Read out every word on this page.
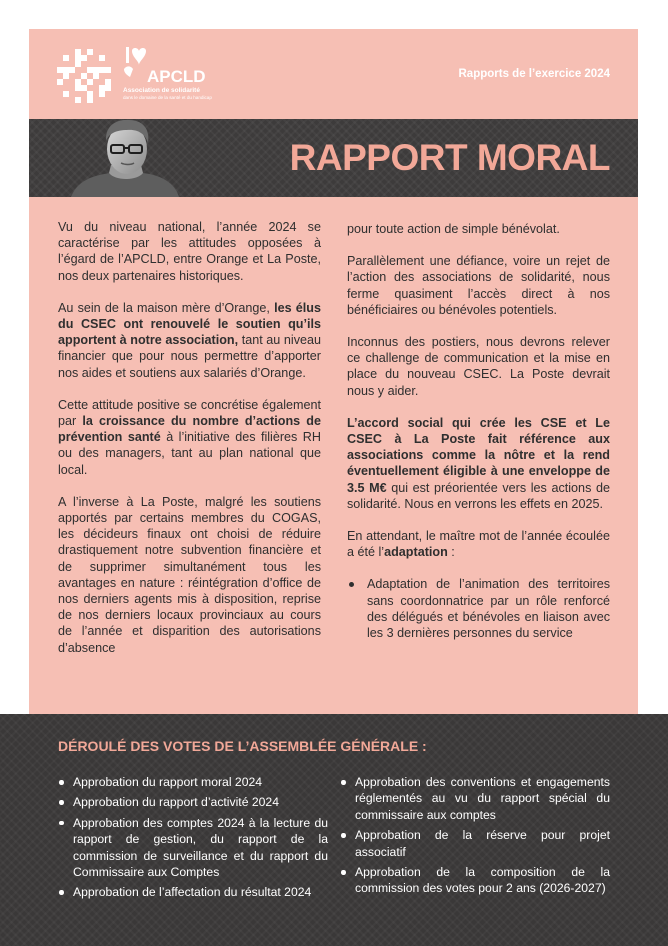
APCLD
Association de solidarité
dans le domaine de la santé et du handicap
Rapports de l’exercice 2024
RAPPORT MORAL

Vu du niveau national, l’année 2024 se caractérise par les attitudes opposées à l’égard de l’APCLD, entre Orange et La Poste, nos deux partenaires historiques.

Au sein de la maison mère d’Orange, les élus du CSEC ont renouvelé le soutien qu’ils apportent à notre association, tant au niveau financier que pour nous permettre d’apporter nos aides et soutiens aux salariés d’Orange.

Cette attitude positive se concrétise également par la croissance du nombre d’actions de prévention santé à l’initiative des filières RH ou des managers, tant au plan national que local.

A l’inverse à La Poste, malgré les soutiens apportés par certains membres du COGAS, les décideurs finaux ont choisi de réduire drastiquement notre subvention financière et de supprimer simultanément tous les avantages en nature : réintégration d’office de nos derniers agents mis à disposition, reprise de nos derniers locaux provinciaux au cours de l’année et disparition des autorisations d’absence

pour toute action de simple bénévolat.

Parallèlement une défiance, voire un rejet de l’action des associations de solidarité, nous ferme quasiment l’accès direct à nos bénéficiaires ou bénévoles potentiels.

Inconnus des postiers, nous devrons relever ce challenge de communication et la mise en place du nouveau CSEC. La Poste devrait nous y aider.

L’accord social qui crée les CSE et Le CSEC à La Poste fait référence aux associations comme la nôtre et la rend éventuellement éligible à une enveloppe de 3.5 M€ qui est préorientée vers les actions de solidarité. Nous en verrons les effets en 2025.

En attendant, le maître mot de l’année écoulée a été l’adaptation :

Adaptation de l’animation des territoires sans coordonnatrice par un rôle renforcé des délégués et bénévoles en liaison avec les 3 dernières personnes du service
DÉROULÉ DES VOTES DE L’ASSEMBLÉE GÉNÉRALE :
Approbation du rapport moral 2024
Approbation du rapport d’activité 2024
Approbation des comptes 2024 à la lecture du rapport de gestion, du rapport de la commission de surveillance et du rapport du Commissaire aux Comptes
Approbation de l’affectation du résultat 2024
Approbation des conventions et engagements réglementés au vu du rapport spécial du commissaire aux comptes
Approbation de la réserve pour projet associatif
Approbation de la composition de la commission des votes pour 2 ans (2026-2027)
